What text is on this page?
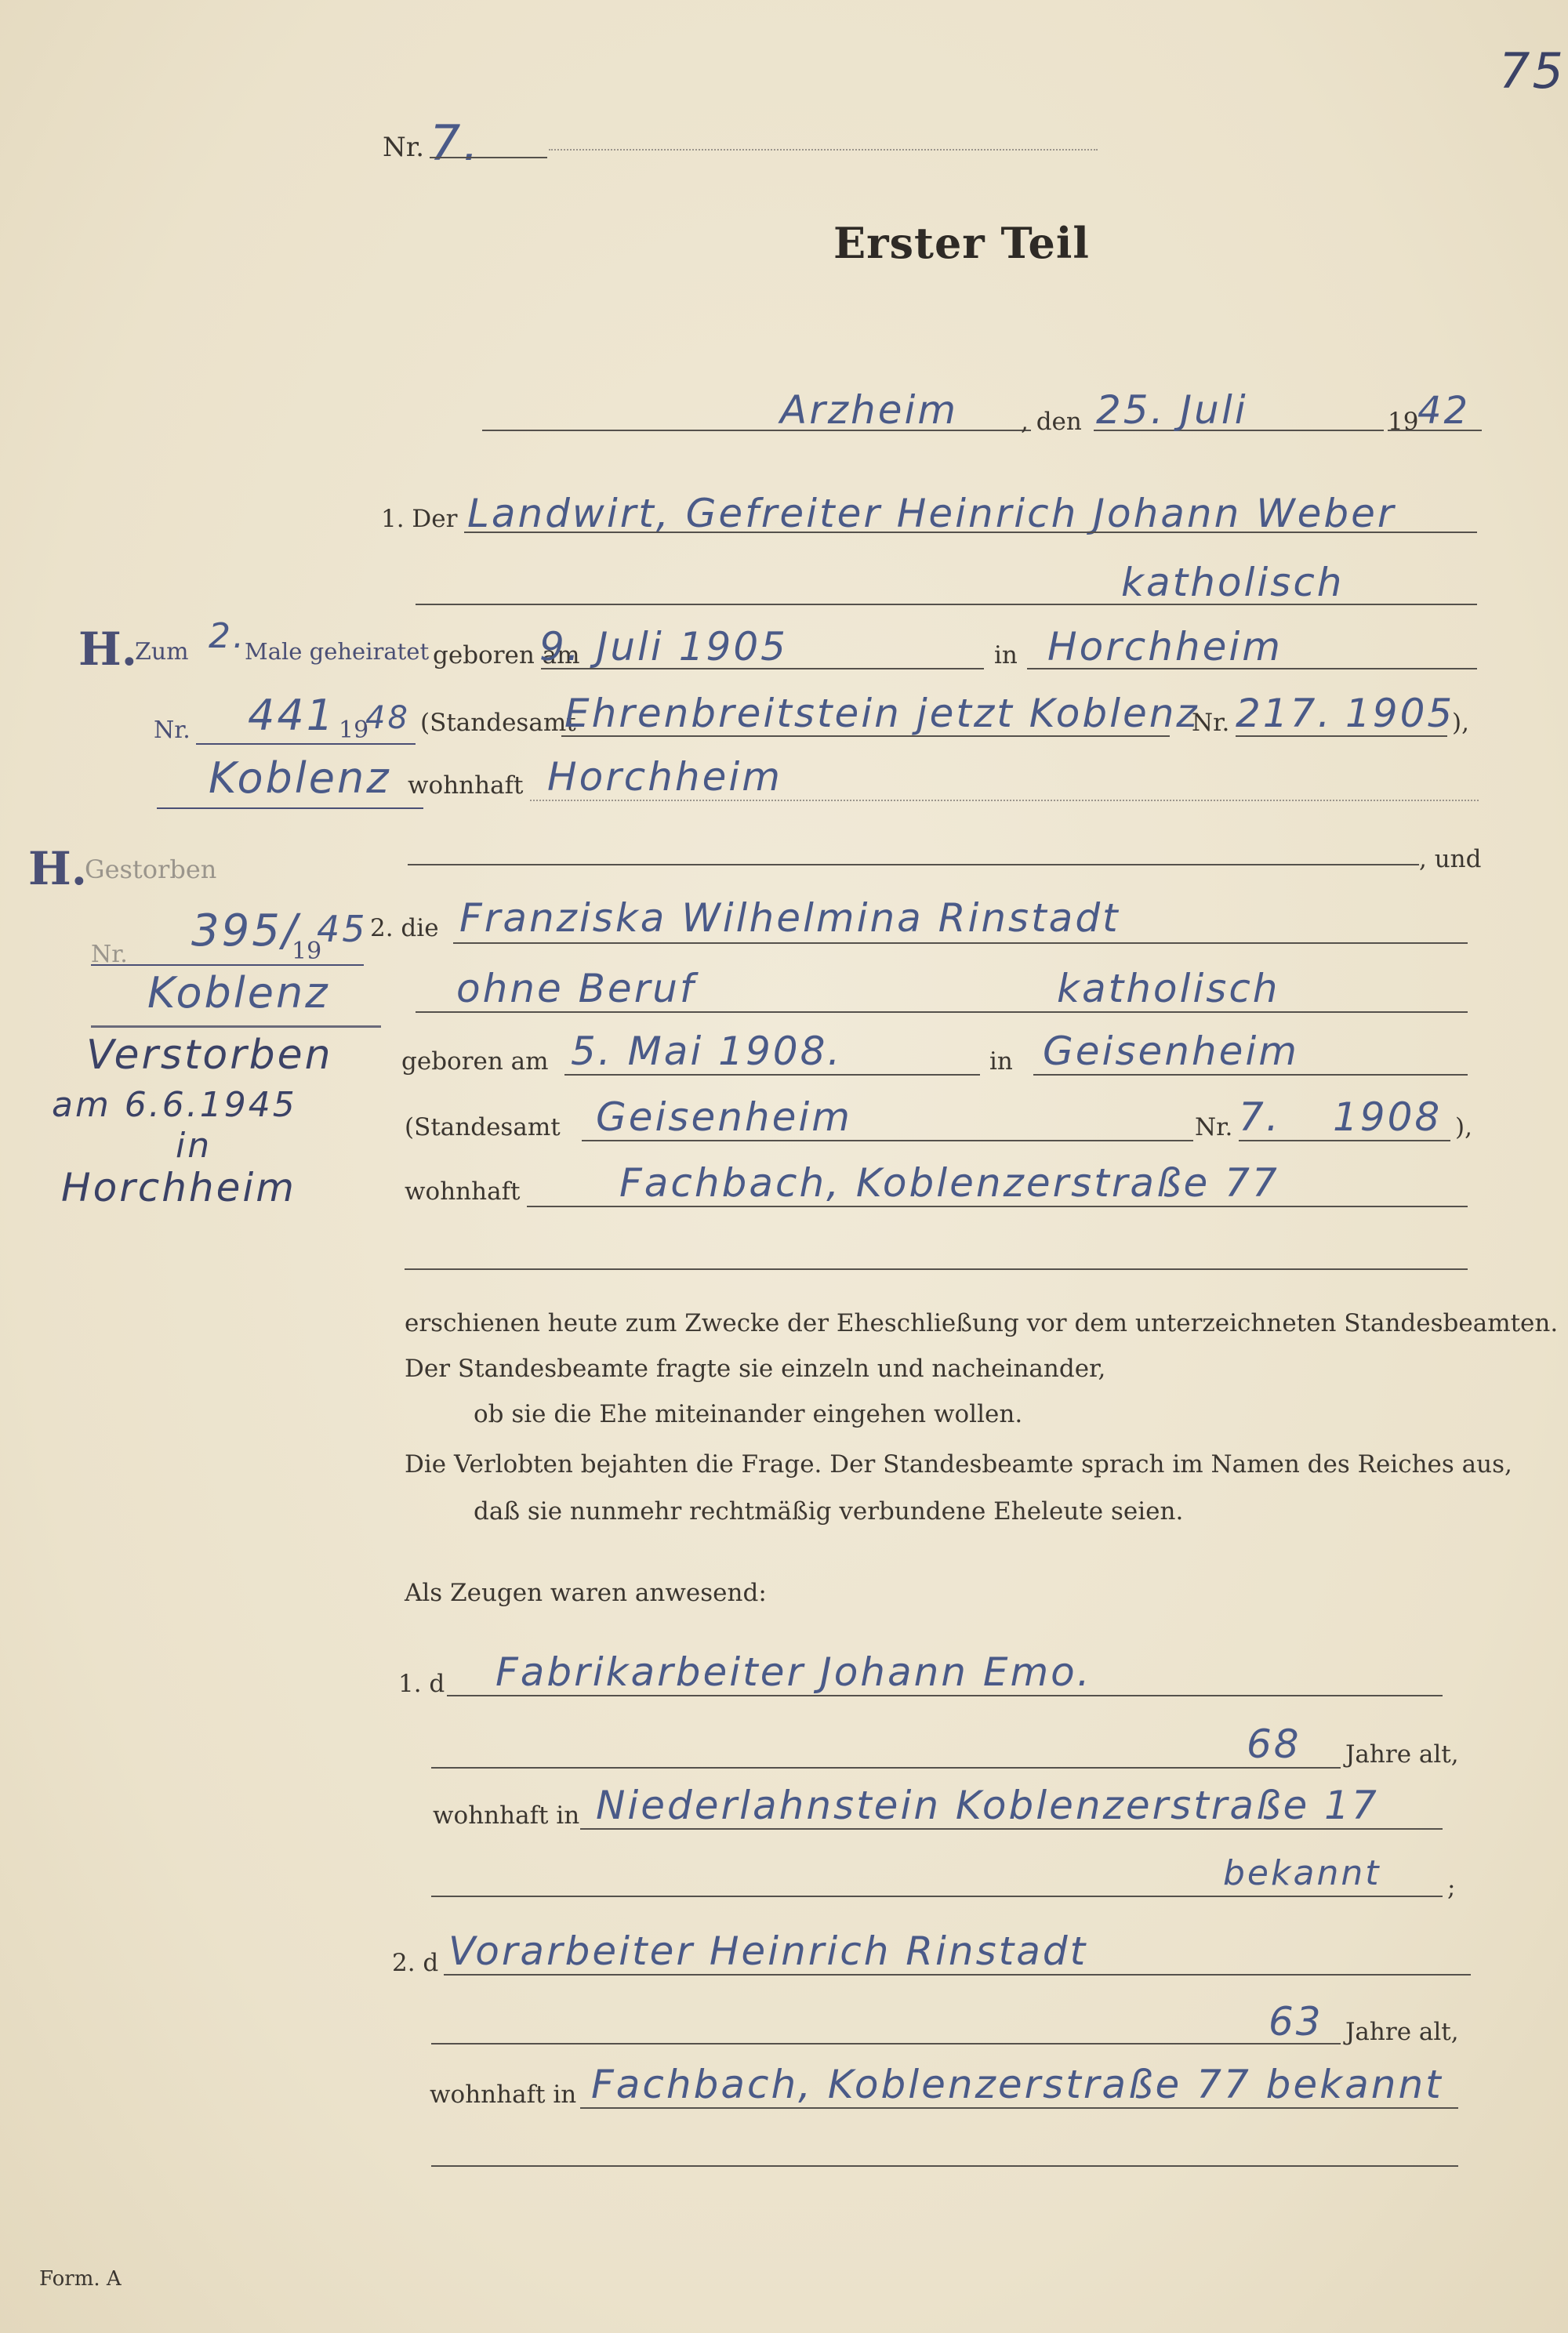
75
Nr. 7.
Erster Teil
Arzheim	, den 25. Juli	19
42
1. Der Landwirt, Gefreiter Heinrich Johann Weber
katholisch
geboren am
9. Juli 1905	in Horchheim
(Standesamt
Ehrenbreitstein jetzt Koblenz
Nr. 217. 1905
),
wohnhaft Horchheim
, und
H.
Zum 2.
Male geheiratet
Nr. 441 19
48
Koblenz
H.
Gestorben
Nr. 395/
19
45
Koblenz
Verstorben
am 6.6.1945
in
Horchheim
2. die Franziska Wilhelmina Rinstadt
ohne Beruf	katholisch
geboren am 5. Mai 1908.	in Geisenheim
(Standesamt Geisenheim	Nr. 7. 1908 ),
wohnhaft	Fachbach, Koblenzerstraße 77
erschienen heute zum Zwecke der Eheschließung vor dem unterzeichneten Standesbeamten.
Der Standesbeamte fragte sie einzeln und nacheinander,
ob sie die Ehe miteinander eingehen wollen.
Die Verlobten bejahten die Frage. Der Standesbeamte sprach im Namen des Reiches aus,
daß sie nunmehr rechtmäßig verbundene Eheleute seien.
Als Zeugen waren anwesend:
1. d Fabrikarbeiter Johann Emo.
68 Jahre alt,
wohnhaft in Niederlahnstein Koblenzerstraße 17
bekannt	;
2. d Vorarbeiter Heinrich Rinstadt
63 Jahre alt,
wohnhaft in Fachbach, Koblenzerstraße 77 bekannt
Form. A
